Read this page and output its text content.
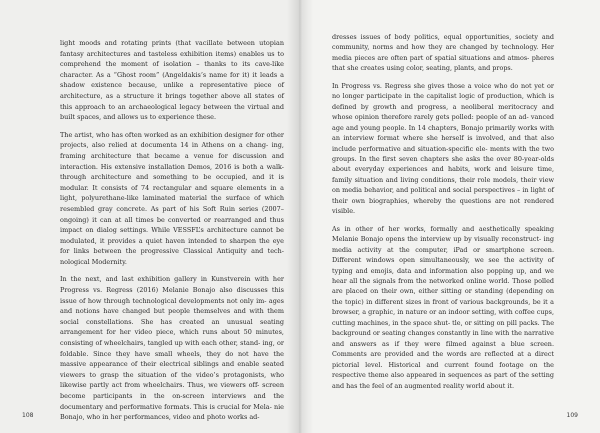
light moods and rotating prints (that vacillate between utopian fantasy architectures and tasteless exhibition items) enables us to comprehend the moment of isolation – thanks to its cave-like character. As a “Ghost room” (Angeldakis’s name for it) it leads a shadow existence because, unlike a representative piece of architecture, as a structure it brings together above all states of this approach to an archaeological legacy between the virtual and built spaces, and allows us to experience these.

The artist, who has often worked as an exhibition designer for other projects, also relied at documenta 14 in Athens on a chang- ing, framing architecture that became a venue for discussion and interaction. His extensive installation Demos, 2016 is both a walk-through architecture and something to be occupied, and it is modular. It consists of 74 rectangular and square elements in a light, polyurethane-like laminated material the surface of which resembled gray concrete. As part of his Soft Ruin series (2007–ongoing) it can at all times be converted or rearranged and thus impact on dialog settings. While VESSFL’s architecture cannot be modulated, it provides a quiet haven intended to sharpen the eye for links between the progressive Classical Antiquity and tech- nological Modernity.

In the next, and last exhibition gallery in Kunstverein with her Progress vs. Regress (2016) Melanie Bonajo also discusses this issue of how through technological developments not only im- ages and notions have changed but people themselves and with them social constellations. She has created an unusual seating arrangement for her video piece, which runs about 50 minutes, consisting of wheelchairs, tangled up with each other, stand- ing, or foldable. Since they have small wheels, they do not have the massive appearance of their electrical siblings and enable seated viewers to grasp the situation of the video’s protagonists, who likewise partly act from wheelchairs. Thus, we viewers off- screen become participants in the on-screen interviews and the documentary and performative formats. This is crucial for Mela- nie Bonajo, who in her performances, video and photo works ad-

108

dresses issues of body politics, equal opportunities, society and community, norms and how they are changed by technology. Her media pieces are often part of spatial situations and atmos- pheres that she creates using color, seating, plants, and props.

In Progress vs. Regress she gives those a voice who do not yet or no longer participate in the capitalist logic of production, which is defined by growth and progress, a neoliberal meritocracy and whose opinion therefore rarely gets polled: people of an ad- vanced age and young people. In 14 chapters, Bonajo primarily works with an interview format where she herself is involved, and that also include performative and situation-specific ele- ments with the two groups. In the first seven chapters she asks the over 80-year-olds about everyday experiences and habits, work and leisure time, family situation and living conditions, their role models, their view on media behavior, and political and social perspectives – in light of their own biographies, whereby the questions are not rendered visible.

As in other of her works, formally and aesthetically speaking Melanie Bonajo opens the interview up by visually reconstruct- ing media activity at the computer, iPad or smartphone screen. Different windows open simultaneously, we see the activity of typing and emojis, data and information also popping up, and we hear all the signals from the networked online world. Those polled are placed on their own, either sitting or standing (depending on the topic) in different sizes in front of various backgrounds, be it a browser, a graphic, in nature or an indoor setting, with coffee cups, cutting machines, in the space shut- tle, or sitting on pill packs. The background or seating changes constantly in line with the narrative and answers as if they were filmed against a blue screen. Comments are provided and the words are reflected at a direct pictorial level. Historical and current found footage on the respective theme also appeared in sequences as part of the setting and has the feel of an augmented reality world about it.

109
